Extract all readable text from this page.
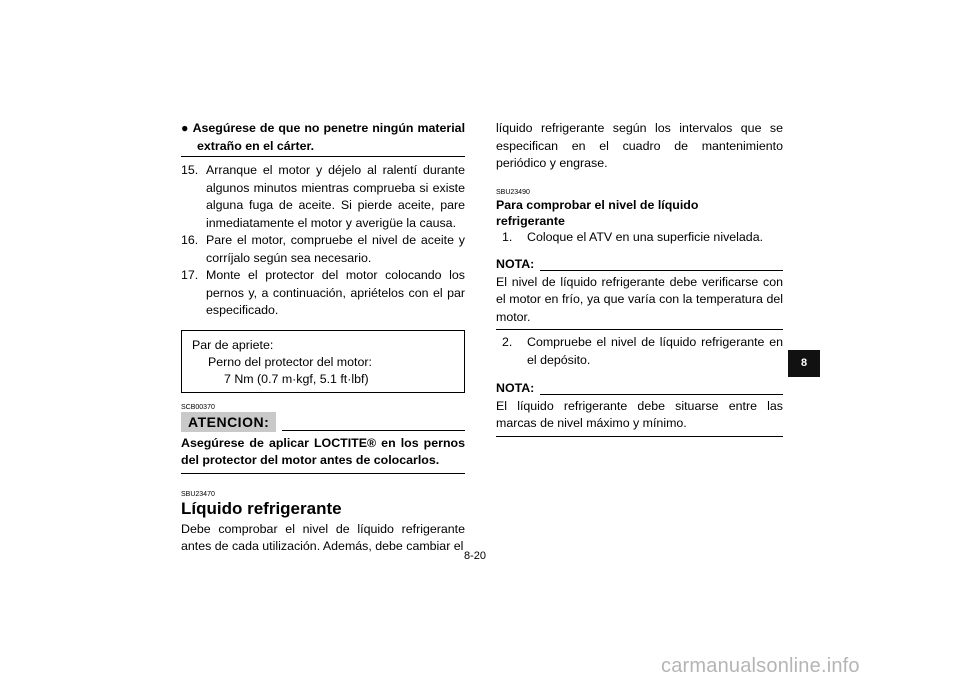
● Asegúrese de que no penetre ningún material extraño en el cárter.
15. Arranque el motor y déjelo al ralentí durante algunos minutos mientras comprueba si existe alguna fuga de aceite. Si pierde aceite, pare inmediatamente el motor y averigüe la causa.
16. Pare el motor, compruebe el nivel de aceite y corríjalo según sea necesario.
17. Monte el protector del motor colocando los pernos y, a continuación, apriételos con el par especificado.
Par de apriete:
Perno del protector del motor:
7 Nm (0.7 m·kgf, 5.1 ft·lbf)

SCB00370

ATENCION:
Asegúrese de aplicar LOCTITE® en los pernos del protector del motor antes de colocarlos.

SBU23470

Líquido refrigerante
Debe comprobar el nivel de líquido refrigerante antes de cada utilización. Además, debe cambiar el
líquido refrigerante según los intervalos que se especifican en el cuadro de mantenimiento periódico y engrase.

SBU23490

Para comprobar el nivel de líquido refrigerante
1. Coloque el ATV en una superficie nivelada.
NOTA:
El nivel de líquido refrigerante debe verificarse con el motor en frío, ya que varía con la temperatura del motor.
2. Compruebe el nivel de líquido refrigerante en el depósito.
NOTA:
El líquido refrigerante debe situarse entre las marcas de nivel máximo y mínimo.
8-20
8
carmanualsonline.info
